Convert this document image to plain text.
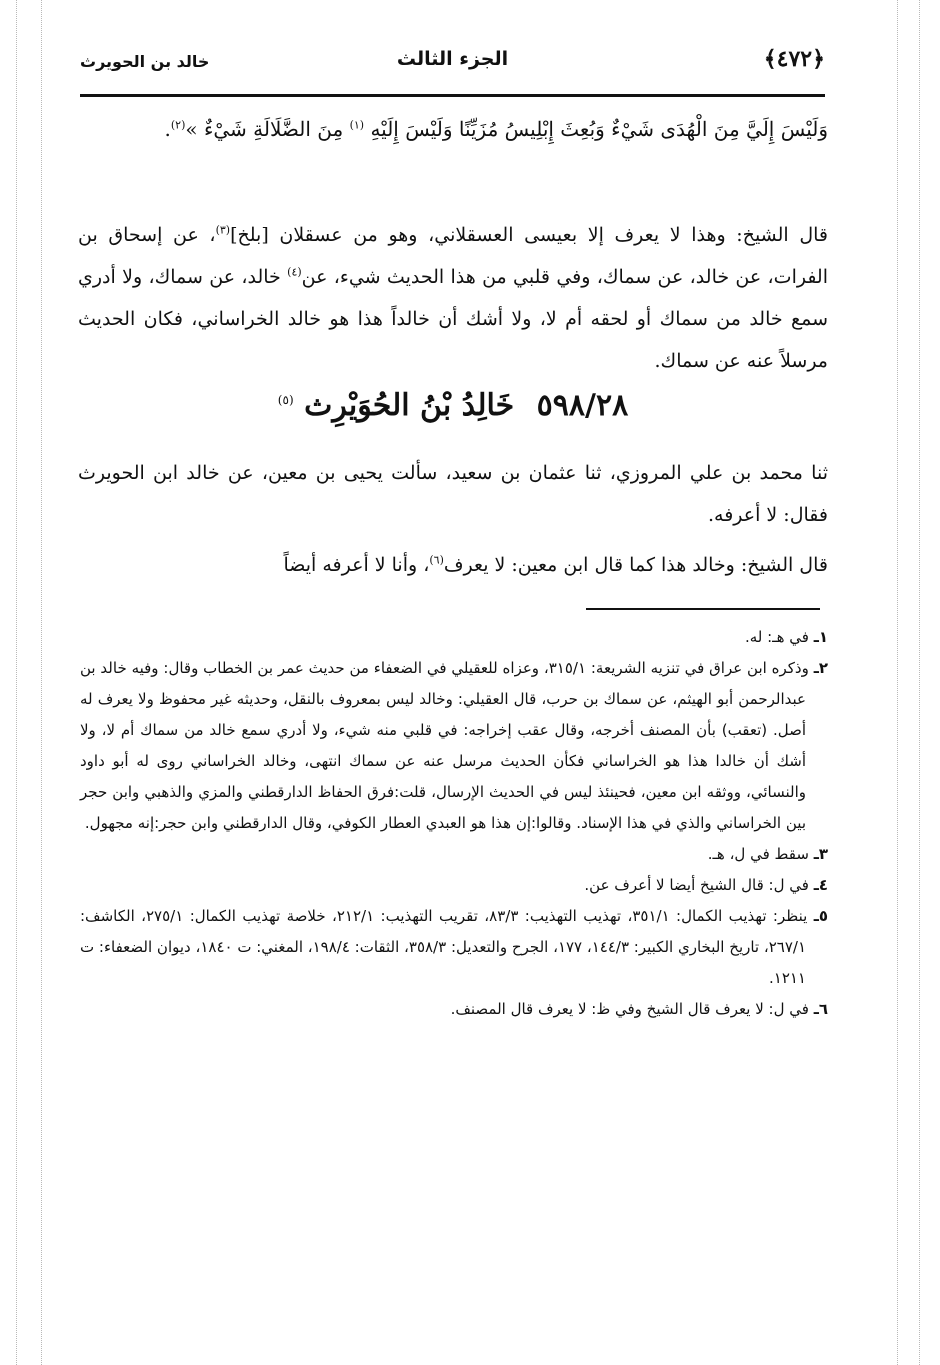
﴿٤٧٢﴾
الجزء الثالث
خالد بن الحويرث
وَلَيْسَ إِلَيَّ مِنَ الْهُدَى شَيْءٌ وَبُعِثَ إِبْلِيسُ مُزَيِّنًا وَلَيْسَ إِلَيْهِ $^{(١)}$ مِنَ الضَّلَالَةِ شَيْءٌ »$^{(٢)}$.
قال الشيخ: وهذا لا يعرف إلا بعيسى العسقلاني، وهو من عسقلان [بلخ]$^{(٣)}$، عن إسحاق بن الفرات، عن خالد، عن سماك، وفي قلبي من هذا الحديث شيء، عن$^{(٤)}$ خالد، عن سماك، ولا أدري سمع خالد من سماك أو لحقه أم لا، ولا أشك أن خالداً هذا هو خالد الخراساني، فكان الحديث مرسلاً عنه عن سماك.
٥٩٨/٢٨ خَالِدُ بْنُ الحُوَيْرِث $^{(٥)}$
ثنا محمد بن علي المروزي، ثنا عثمان بن سعيد، سألت يحيى بن معين، عن خالد ابن الحويرث فقال: لا أعرفه.
قال الشيخ: وخالد هذا كما قال ابن معين: لا يعرف$^{(٦)}$، وأنا لا أعرفه أيضاً

١ـ في هـ: له.

٢ـ وذكره ابن عراق في تنزيه الشريعة: ٣١٥/١، وعزاه للعقيلي في الضعفاء من حديث عمر بن الخطاب وقال: وفيه خالد بن عبدالرحمن أبو الهيثم، عن سماك بن حرب، قال العقيلي: وخالد ليس بمعروف بالنقل، وحديثه غير محفوظ ولا يعرف له أصل. (تعقب) بأن المصنف أخرجه، وقال عقب إخراجه: في قلبي منه شيء، ولا أدري سمع خالد من سماك أم لا، ولا أشك أن خالدا هذا هو الخراساني فكأن الحديث مرسل عنه عن سماك انتهى، وخالد الخراساني روى له أبو داود والنسائي، ووثقه ابن معين، فحينئذ ليس في الحديث الإرسال، قلت:فرق الحفاظ الدارقطني والمزي والذهبي وابن حجر بين الخراساني والذي في هذا الإسناد. وقالوا:إن هذا هو العبدي العطار الكوفي، وقال الدارقطني وابن حجر:إنه مجهول.

٣ـ سقط في ل، هـ.

٤ـ في ل: قال الشيخ أيضا لا أعرف عن.

٥ـ ينظر: تهذيب الكمال: ٣٥١/١، تهذيب التهذيب: ٨٣/٣، تقريب التهذيب: ٢١٢/١، خلاصة تهذيب الكمال: ٢٧٥/١، الكاشف: ٢٦٧/١، تاريخ البخاري الكبير: ١٤٤/٣، ١٧٧، الجرح والتعديل: ٣٥٨/٣، الثقات: ١٩٨/٤، المغني: ت ١٨٤٠، ديوان الضعفاء: ت ١٢١١.

٦ـ في ل: لا يعرف قال الشيخ وفي ظ: لا يعرف قال المصنف.
